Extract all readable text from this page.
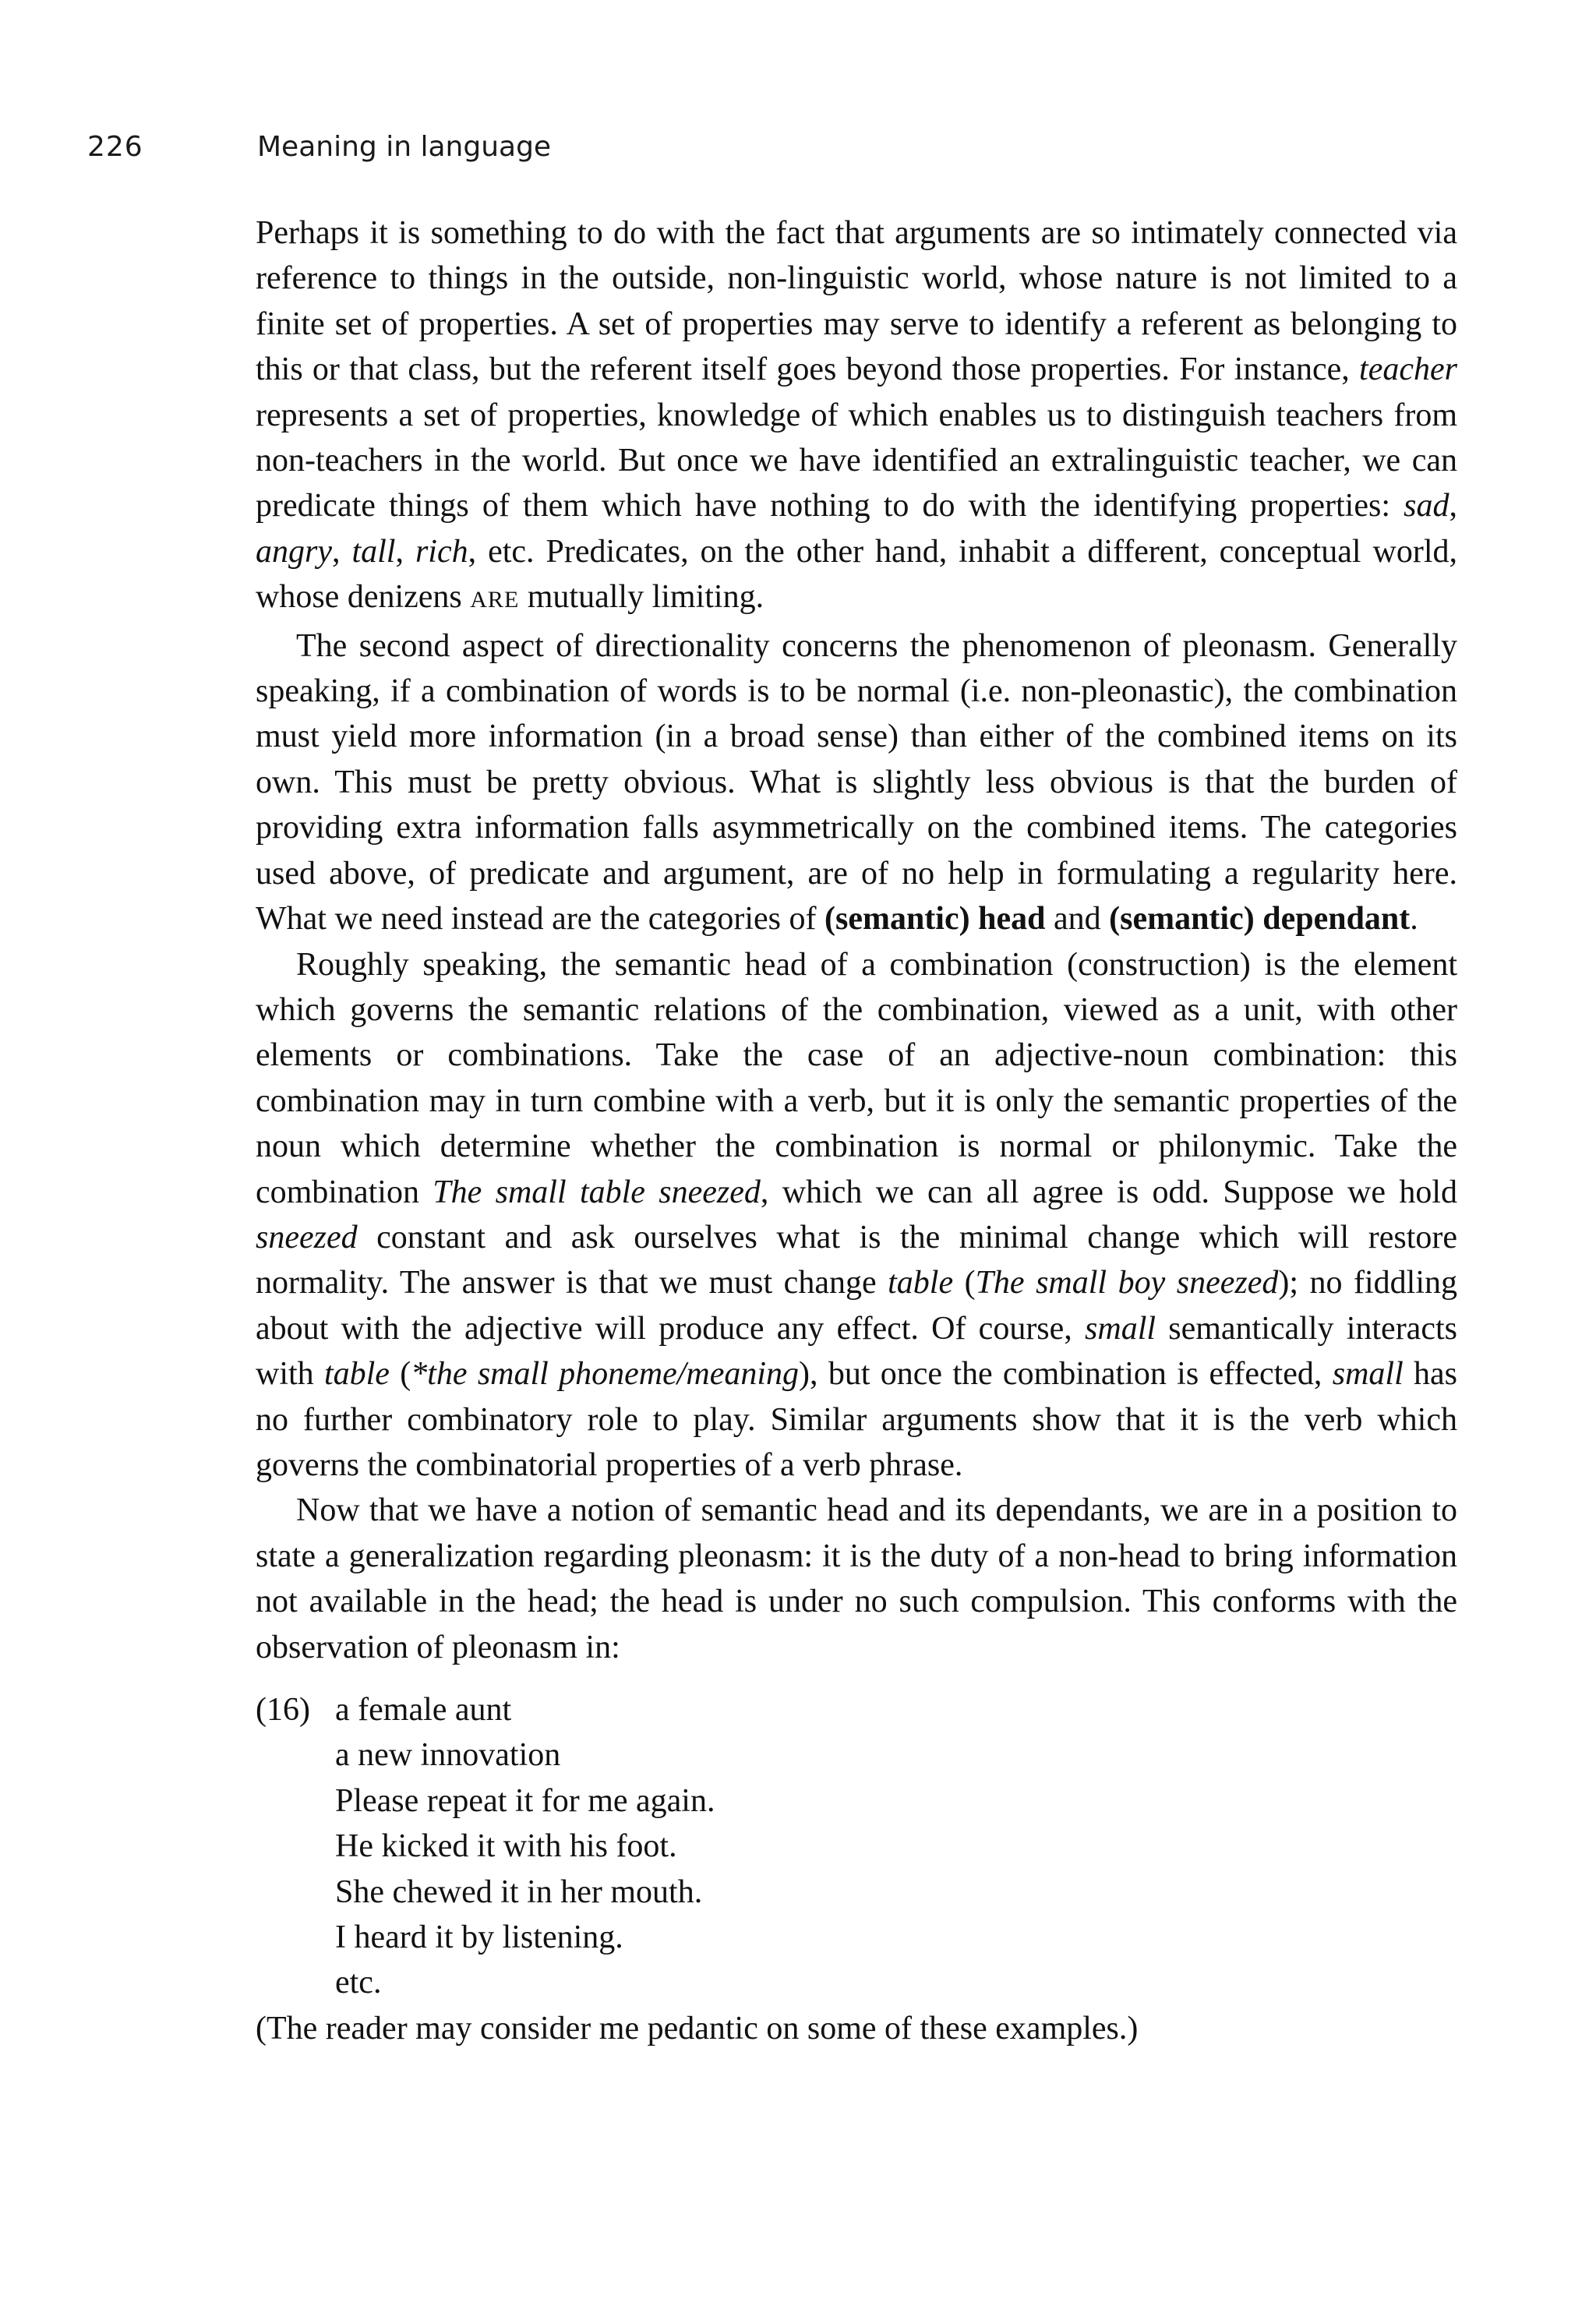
226	Meaning in language

Perhaps it is something to do with the fact that arguments are so intimately connected via reference to things in the outside, non-linguistic world, whose nature is not limited to a finite set of properties. A set of properties may serve to identify a referent as belonging to this or that class, but the referent itself goes beyond those properties. For instance, teacher represents a set of properties, knowledge of which enables us to distinguish teachers from non-teachers in the world. But once we have identified an extralinguistic teacher, we can predicate things of them which have nothing to do with the identifying properties: sad, angry, tall, rich, etc. Predicates, on the other hand, inhabit a different, conceptual world, whose denizens ARE mutually limiting.

The second aspect of directionality concerns the phenomenon of pleonasm. Generally speaking, if a combination of words is to be normal (i.e. non-pleonastic), the combination must yield more information (in a broad sense) than either of the combined items on its own. This must be pretty obvious. What is slightly less obvious is that the burden of providing extra information falls asymmetrically on the combined items. The categories used above, of predicate and argument, are of no help in formulating a regularity here. What we need instead are the categories of (semantic) head and (semantic) dependant.

Roughly speaking, the semantic head of a combination (construction) is the element which governs the semantic relations of the combination, viewed as a unit, with other elements or combinations. Take the case of an adjective-noun combination: this combination may in turn combine with a verb, but it is only the semantic properties of the noun which determine whether the combination is normal or philonymic. Take the combination The small table sneezed, which we can all agree is odd. Suppose we hold sneezed constant and ask ourselves what is the minimal change which will restore normality. The answer is that we must change table (The small boy sneezed); no fiddling about with the adjective will produce any effect. Of course, small semantically interacts with table (*the small phoneme/meaning), but once the combination is effected, small has no further combinatory role to play. Similar arguments show that it is the verb which governs the combinatorial properties of a verb phrase.

Now that we have a notion of semantic head and its dependants, we are in a position to state a generalization regarding pleonasm: it is the duty of a non-head to bring information not available in the head; the head is under no such compulsion. This conforms with the observation of pleonasm in:

(16) a female aunt
a new innovation
Please repeat it for me again.
He kicked it with his foot.
She chewed it in her mouth.
I heard it by listening.
etc.

(The reader may consider me pedantic on some of these examples.)
